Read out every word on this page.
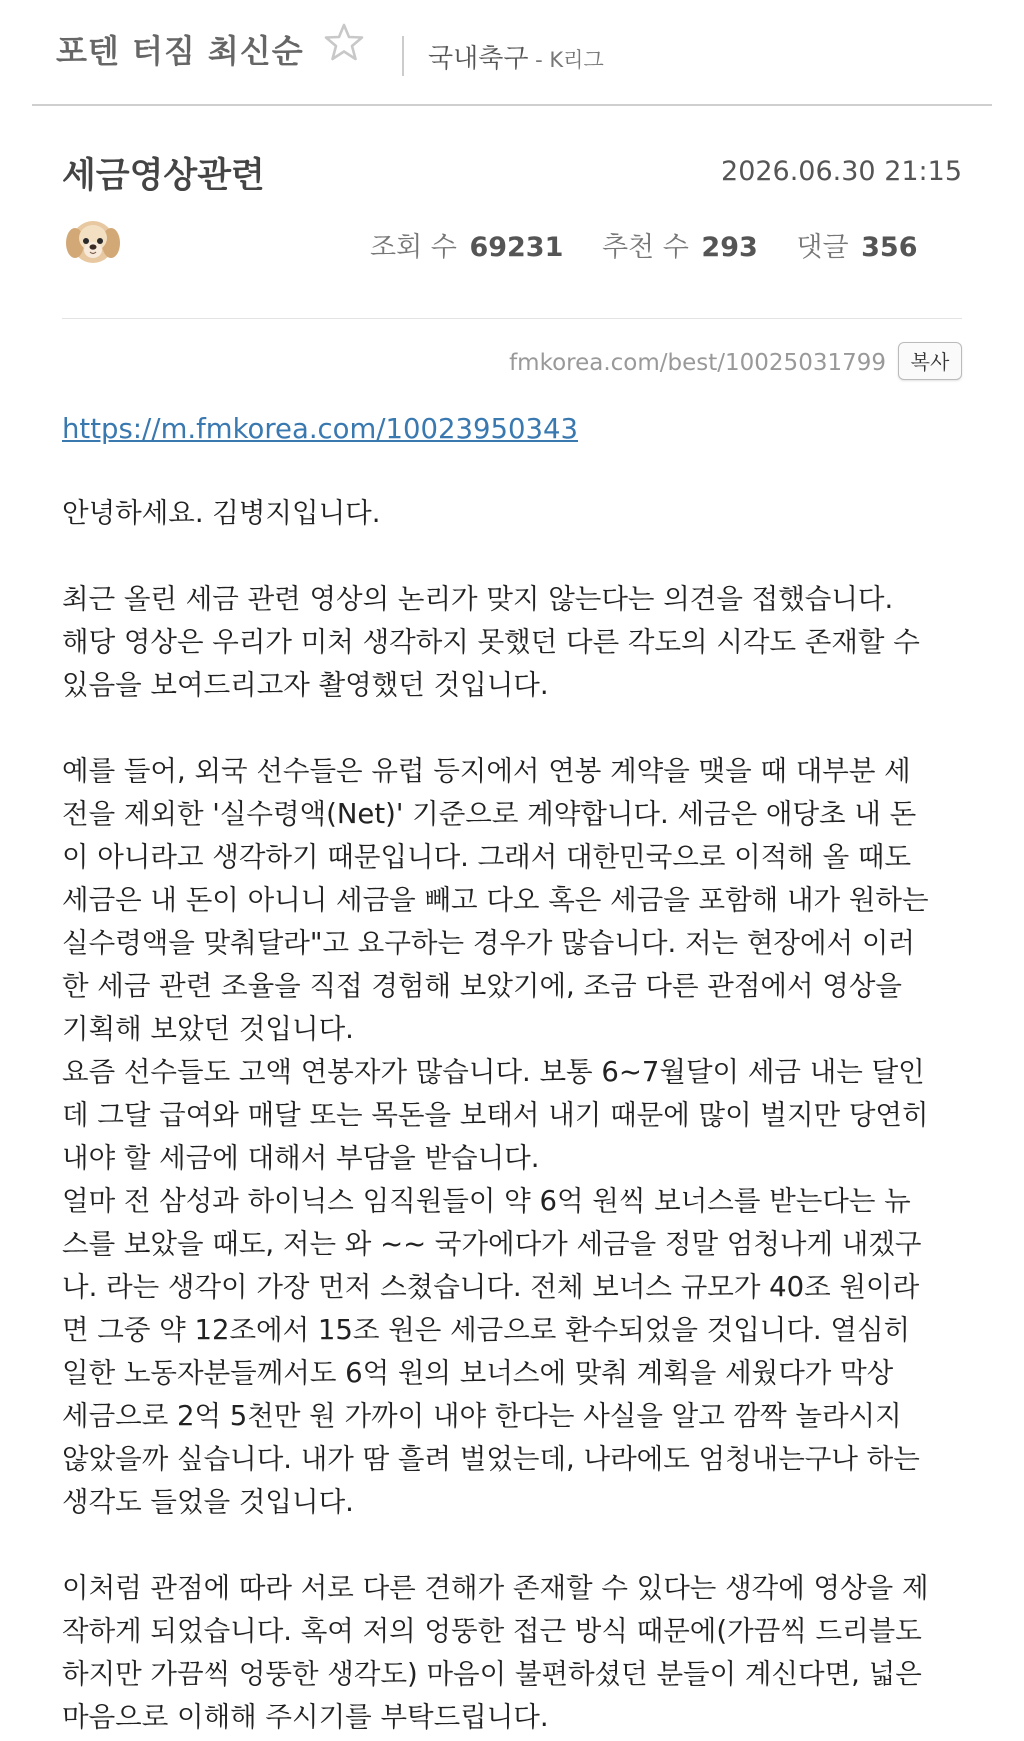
포텐 터짐 최신순	국내축구 - K리그
세금영상관련	2026.06.30 21:15
조회 수 69231 추천 수 293 댓글 356
fmkorea.com/best/10025031799	복사
https://m.fmkorea.com/10023950343
안녕하세요. 김병지입니다.
최근 올린 세금 관련 영상의 논리가 맞지 않는다는 의견을 접했습니다.
해당 영상은 우리가 미처 생각하지 못했던 다른 각도의 시각도 존재할 수
있음을 보여드리고자 촬영했던 것입니다.
예를 들어, 외국 선수들은 유럽 등지에서 연봉 계약을 맺을 때 대부분 세
전을 제외한 '실수령액(Net)' 기준으로 계약합니다. 세금은 애당초 내 돈
이 아니라고 생각하기 때문입니다. 그래서 대한민국으로 이적해 올 때도
세금은 내 돈이 아니니 세금을 빼고 다오 혹은 세금을 포함해 내가 원하는
실수령액을 맞춰달라"고 요구하는 경우가 많습니다. 저는 현장에서 이러
한 세금 관련 조율을 직접 경험해 보았기에, 조금 다른 관점에서 영상을
기획해 보았던 것입니다.
요즘 선수들도 고액 연봉자가 많습니다. 보통 6~7월달이 세금 내는 달인
데 그달 급여와 매달 또는 목돈을 보태서 내기 때문에 많이 벌지만 당연히
내야 할 세금에 대해서 부담을 받습니다.
얼마 전 삼성과 하이닉스 임직원들이 약 6억 원씩 보너스를 받는다는 뉴
스를 보았을 때도, 저는 와 ~~ 국가에다가 세금을 정말 엄청나게 내겠구
나. 라는 생각이 가장 먼저 스쳤습니다. 전체 보너스 규모가 40조 원이라
면 그중 약 12조에서 15조 원은 세금으로 환수되었을 것입니다. 열심히
일한 노동자분들께서도 6억 원의 보너스에 맞춰 계획을 세웠다가 막상
세금으로 2억 5천만 원 가까이 내야 한다는 사실을 알고 깜짝 놀라시지
않았을까 싶습니다. 내가 땀 흘려 벌었는데, 나라에도 엄청내는구나 하는
생각도 들었을 것입니다.
이처럼 관점에 따라 서로 다른 견해가 존재할 수 있다는 생각에 영상을 제
작하게 되었습니다. 혹여 저의 엉뚱한 접근 방식 때문에(가끔씩 드리블도
하지만 가끔씩 엉뚱한 생각도) 마음이 불편하셨던 분들이 계신다면, 넓은
마음으로 이해해 주시기를 부탁드립니다.
